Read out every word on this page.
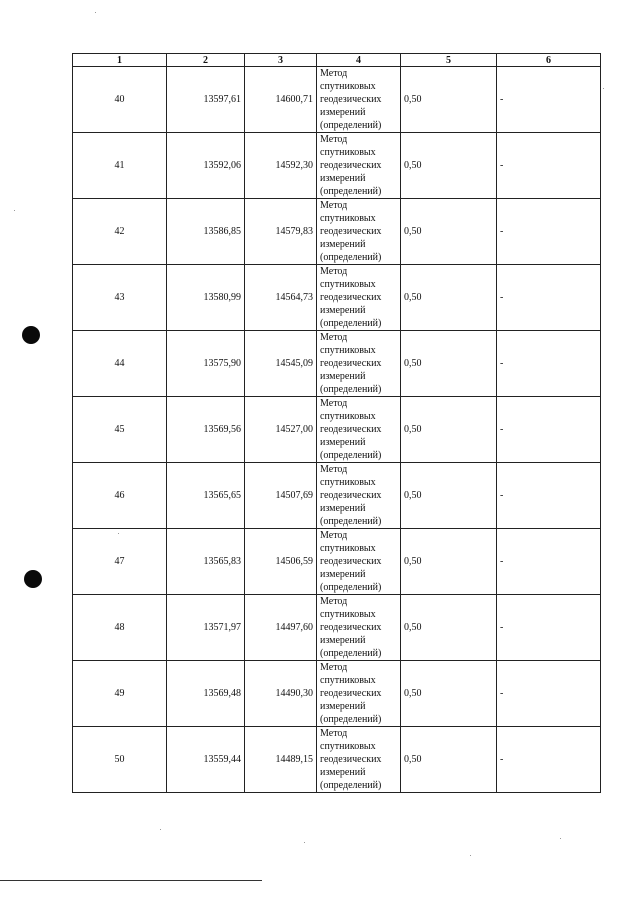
1	2	3	4	5	6
40	13597,61	14600,71	Метод
спутниковых
геодезических
измерений
(определений)	0,50	-
41	13592,06	14592,30	Метод
спутниковых
геодезических
измерений
(определений)	0,50	-
42	13586,85	14579,83	Метод
спутниковых
геодезических
измерений
(определений)	0,50	-
43	13580,99	14564,73	Метод
спутниковых
геодезических
измерений
(определений)	0,50	-
44	13575,90	14545,09	Метод
спутниковых
геодезических
измерений
(определений)	0,50	-
45	13569,56	14527,00	Метод
спутниковых
геодезических
измерений
(определений)	0,50	-
46	13565,65	14507,69	Метод
спутниковых
геодезических
измерений
(определений)	0,50	-
47	13565,83	14506,59	Метод
спутниковых
геодезических
измерений
(определений)	0,50	-
48	13571,97	14497,60	Метод
спутниковых
геодезических
измерений
(определений)	0,50	-
49	13569,48	14490,30	Метод
спутниковых
геодезических
измерений
(определений)	0,50	-
50	13559,44	14489,15	Метод
спутниковых
геодезических
измерений
(определений)	0,50	-
